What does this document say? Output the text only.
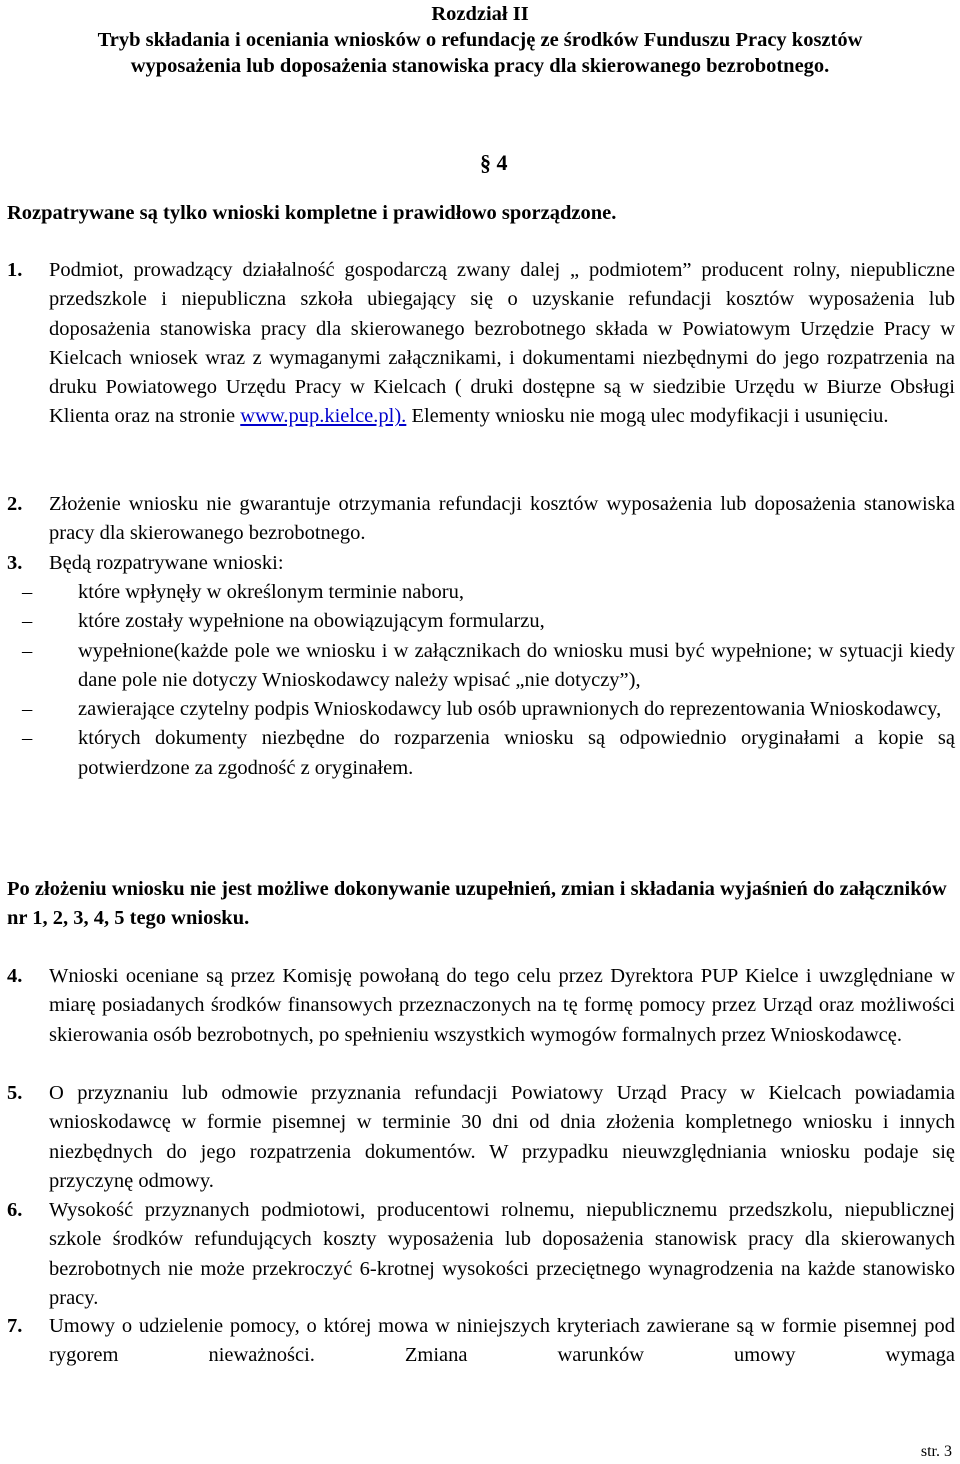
Rozdział II

Tryb składania i oceniania wniosków o refundację ze środków Funduszu Pracy kosztów

wyposażenia lub doposażenia stanowiska pracy dla skierowanego bezrobotnego.

§ 4
Rozpatrywane są tylko wnioski kompletne i prawidłowo sporządzone.
1. Podmiot, prowadzący działalność gospodarczą zwany dalej „ podmiotem” producent rolny, niepubliczne przedszkole i niepubliczna szkoła ubiegający się o uzyskanie refundacji kosztów wyposażenia lub doposażenia stanowiska pracy dla skierowanego bezrobotnego składa w Powiatowym Urzędzie Pracy w Kielcach wniosek wraz z wymaganymi załącznikami, i dokumentami niezbędnymi do jego rozpatrzenia na druku Powiatowego Urzędu Pracy w Kielcach ( druki dostępne są w siedzibie Urzędu w Biurze Obsługi Klienta oraz na stronie www.pup.kielce.pl). Elementy wniosku nie mogą ulec modyfikacji i usunięciu.
2. Złożenie wniosku nie gwarantuje otrzymania refundacji kosztów wyposażenia lub doposażenia stanowiska pracy dla skierowanego bezrobotnego.
3. Będą rozpatrywane wnioski:
–	które wpłynęły w określonym terminie naboru,
–	które zostały wypełnione na obowiązującym formularzu,
–	wypełnione(każde pole we wniosku i w załącznikach do wniosku musi być wypełnione; w sytuacji kiedy dane pole nie dotyczy Wnioskodawcy należy wpisać „nie dotyczy”),
–	zawierające czytelny podpis Wnioskodawcy lub osób uprawnionych do reprezentowania Wnioskodawcy,
–	których dokumenty niezbędne do rozparzenia wniosku są odpowiednio oryginałami a kopie są potwierdzone za zgodność z oryginałem.
Po złożeniu wniosku nie jest możliwe dokonywanie uzupełnień, zmian i składania wyjaśnień do załączników nr 1, 2, 3, 4, 5 tego wniosku.
4. Wnioski oceniane są przez Komisję powołaną do tego celu przez Dyrektora PUP Kielce i uwzględniane w miarę posiadanych środków finansowych przeznaczonych na tę formę pomocy przez Urząd oraz możliwości skierowania osób bezrobotnych, po spełnieniu wszystkich wymogów formalnych przez Wnioskodawcę.
5. O przyznaniu lub odmowie przyznania refundacji Powiatowy Urząd Pracy w Kielcach powiadamia wnioskodawcę w formie pisemnej w terminie 30 dni od dnia złożenia kompletnego wniosku i innych niezbędnych do jego rozpatrzenia dokumentów. W przypadku nieuwzględniania wniosku podaje się przyczynę odmowy.
6. Wysokość przyznanych podmiotowi, producentowi rolnemu, niepublicznemu przedszkolu, niepublicznej szkole środków refundujących koszty wyposażenia lub doposażenia stanowisk pracy dla skierowanych bezrobotnych nie może przekroczyć 6-krotnej wysokości przeciętnego wynagrodzenia na każde stanowisko pracy.
7. Umowy o udzielenie pomocy, o której mowa w niniejszych kryteriach zawierane są w formie pisemnej pod rygorem nieważności. Zmiana warunków umowy wymaga
str. 3
